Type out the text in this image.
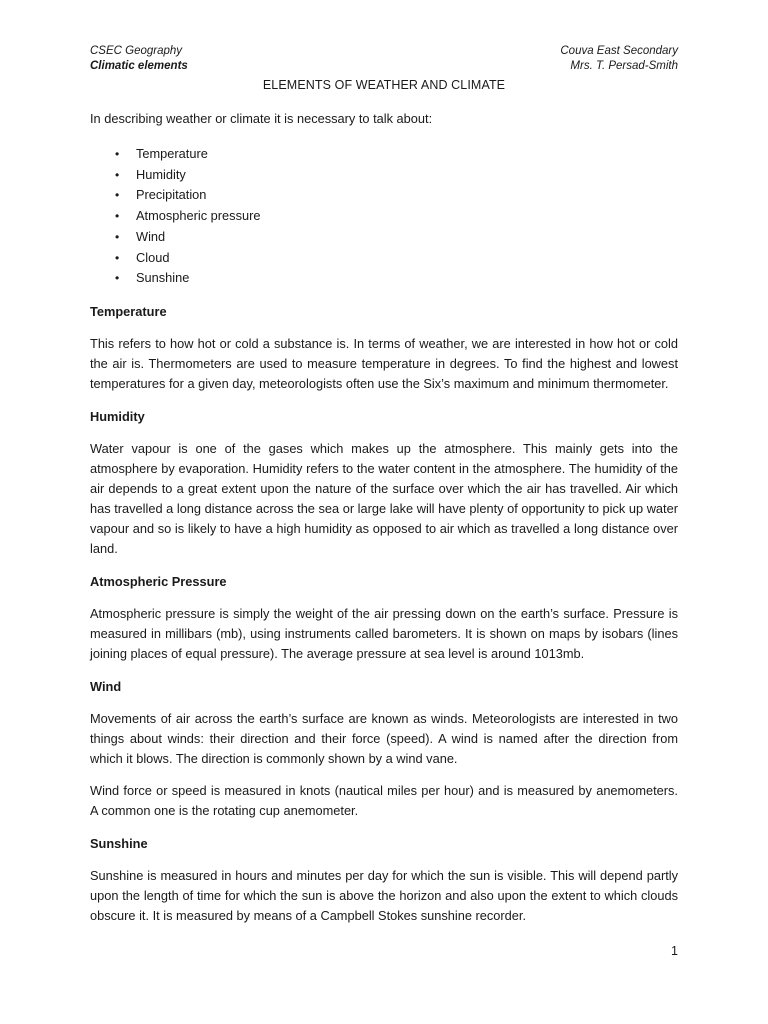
CSEC Geography	Couva East Secondary
Climatic elements	Mrs. T. Persad-Smith
ELEMENTS OF WEATHER AND CLIMATE

In describing weather or climate it is necessary to talk about:

•	Temperature
•	Humidity
•	Precipitation
•	Atmospheric pressure
•	Wind
•	Cloud
•	Sunshine
Temperature

This refers to how hot or cold a substance is. In terms of weather, we are interested in how hot or cold the air is. Thermometers are used to measure temperature in degrees. To find the highest and lowest temperatures for a given day, meteorologists often use the Six’s maximum and minimum thermometer.

Humidity

Water vapour is one of the gases which makes up the atmosphere. This mainly gets into the atmosphere by evaporation. Humidity refers to the water content in the atmosphere. The humidity of the air depends to a great extent upon the nature of the surface over which the air has travelled. Air which has travelled a long distance across the sea or large lake will have plenty of opportunity to pick up water vapour and so is likely to have a high humidity as opposed to air which as travelled a long distance over land.

Atmospheric Pressure

Atmospheric pressure is simply the weight of the air pressing down on the earth’s surface. Pressure is measured in millibars (mb), using instruments called barometers. It is shown on maps by isobars (lines joining places of equal pressure). The average pressure at sea level is around 1013mb.

Wind

Movements of air across the earth’s surface are known as winds. Meteorologists are interested in two things about winds: their direction and their force (speed). A wind is named after the direction from which it blows. The direction is commonly shown by a wind vane.

Wind force or speed is measured in knots (nautical miles per hour) and is measured by anemometers. A common one is the rotating cup anemometer.

Sunshine

Sunshine is measured in hours and minutes per day for which the sun is visible. This will depend partly upon the length of time for which the sun is above the horizon and also upon the extent to which clouds obscure it. It is measured by means of a Campbell Stokes sunshine recorder.

1
